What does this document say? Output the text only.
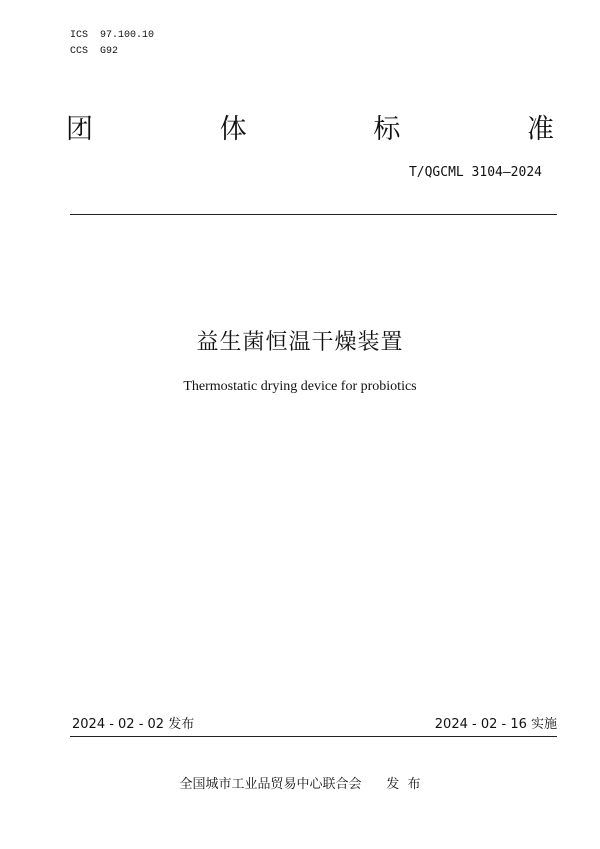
ICS  97.100.10
CCS  G92
团	体	标	准
T/QGCML 3104—2024
益生菌恒温干燥装置
Thermostatic drying device for probiotics
2024 - 02 - 02 发布	2024 - 02 - 16 实施
全国城市工业品贸易中心联合会      发  布
